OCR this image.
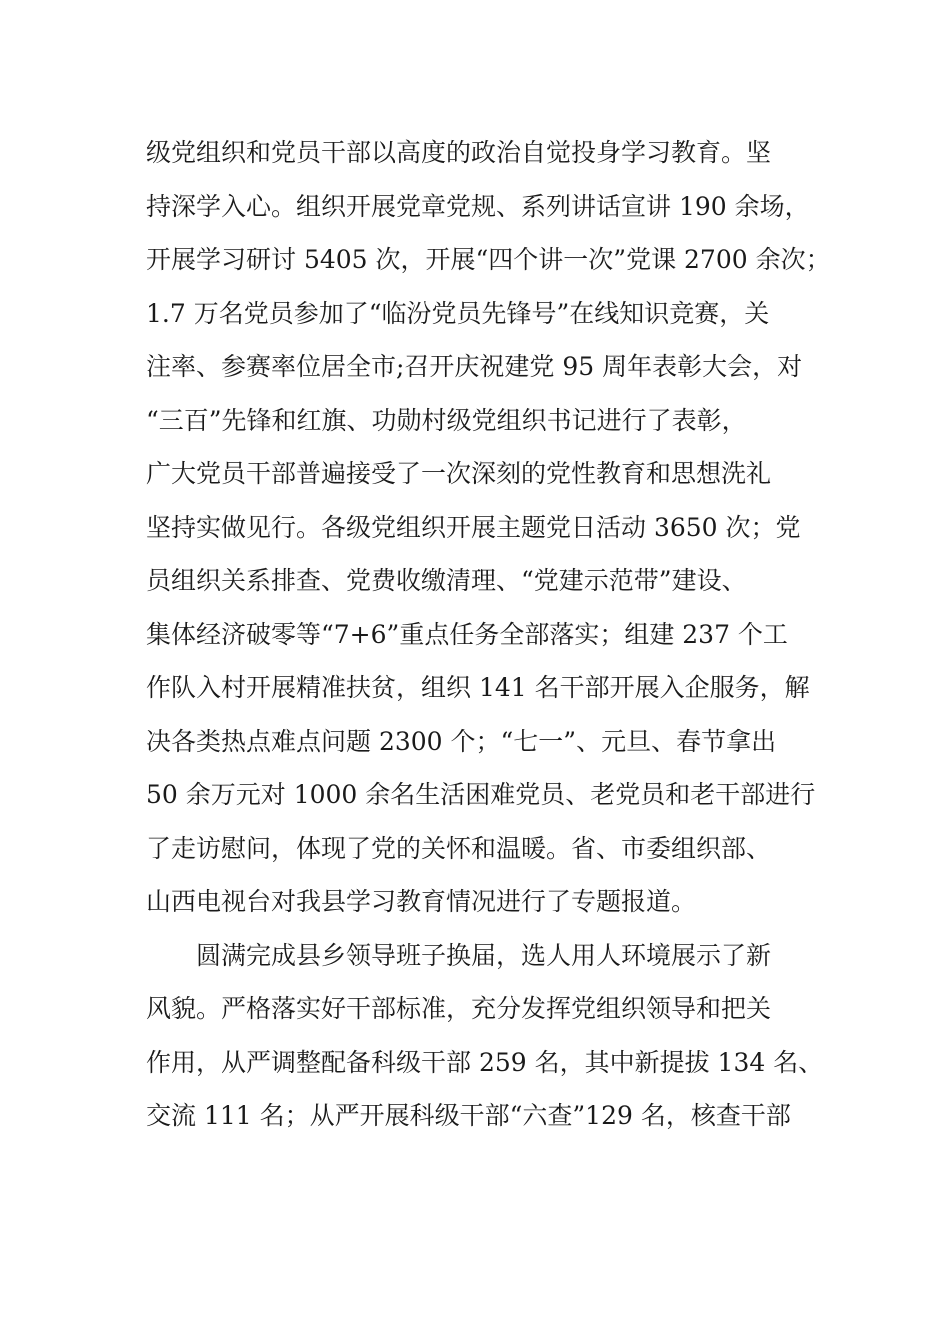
级党组织和党员干部以高度的政治自觉投身学习教育。坚
持深学入心。组织开展党章党规、系列讲话宣讲 190 余场，
开展学习研讨 5405 次，开展“四个讲一次”党课 2700 余次；
1.7 万名党员参加了“临汾党员先锋号”在线知识竞赛，关
注率、参赛率位居全市;召开庆祝建党 95 周年表彰大会，对
“三百”先锋和红旗、功勋村级党组织书记进行了表彰，
广大党员干部普遍接受了一次深刻的党性教育和思想洗礼
坚持实做见行。各级党组织开展主题党日活动 3650 次；党
员组织关系排查、党费收缴清理、“党建示范带”建设、
集体经济破零等“7+6”重点任务全部落实；组建 237 个工
作队入村开展精准扶贫，组织 141 名干部开展入企服务，解
决各类热点难点问题 2300 个；“七一”、元旦、春节拿出
50 余万元对 1000 余名生活困难党员、老党员和老干部进行
了走访慰问，体现了党的关怀和温暖。省、市委组织部、
山西电视台对我县学习教育情况进行了专题报道。
　　圆满完成县乡领导班子换届，选人用人环境展示了新
风貌。严格落实好干部标准，充分发挥党组织领导和把关
作用，从严调整配备科级干部 259 名，其中新提拔 134 名、
交流 111 名；从严开展科级干部“六查”129 名，核查干部
